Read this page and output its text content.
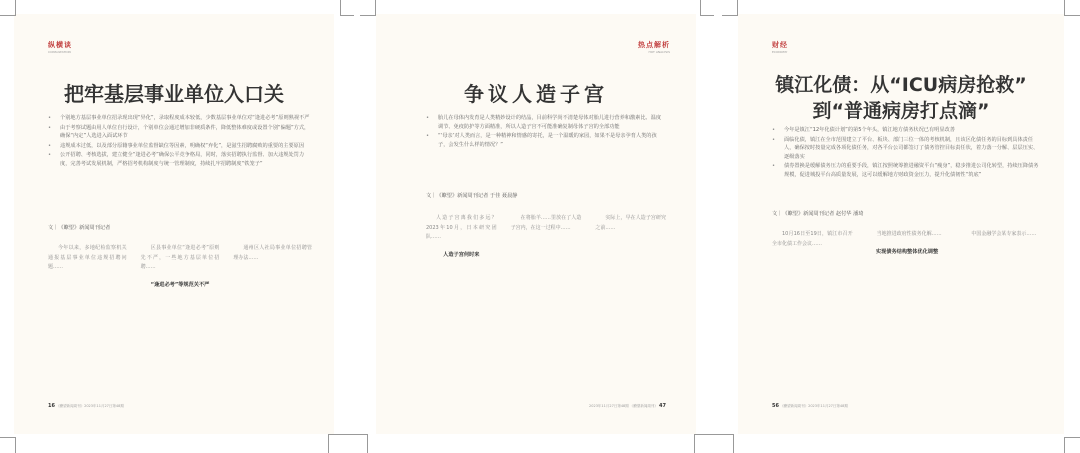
纵横谈
CONSULTATION
把牢基层事业单位入口关
• 个别地方基层事业单位招录现出现“异化”，录取程度成本较低，少数基层事业单位对“逢进必考”原则熟视不严
• 由于考察试题由用人单位自行设计，个别单位会通过增加非硬质条件，降低整体难度或设置个别“偏题”方式，确保“内定”人选进入面试环节
• 违规成本过低，以及部分原籍事业单位监督缺位等因素，明确权“弃化”，是滋生招聘腐败的重要的主要原因
• 公开招聘、考核选拔，建立健全“逢进必考”确保公平竞争格局，同时，落实招聘执行监督、加大违规处罚力度，完善考试发展机制，严格招考机构制度与统一管理制度，持续扎牢招聘制度“铁笼子”
文｜《瞭望》新闻周刊记者

今年以来，多地纪检监察机关通报基层事业单位违规招聘问题……

区县事业单位“逢进必考”原则先不严，一些地方基层单位招聘……

“逢进必考”等规范关不严

通州区人社局事业单位招聘管理办法……

16 《瞭望新闻周刊》2023年11月27日第48期
热点解析
HOT ANALYSIS
争议人造子宫
• 胎儿在母体内发育是人类精妙设计的结晶，目前科学尚不清楚母体对胎儿进行营养和激素比、温度调节、免疫防护等方面精准，所以人造子宫不可能准确复制母体子宫的全部功能
• “‘母亲’对人类而言，是一种精神和情感的寄托，是一个温暖的家园，如果不是母亲孕育人类的孩子，会发生什么样的情况？”
文｜《瞭望》新闻周刊记者 于佳 聂晨静

人造子宫离我们多远？2023年10月，日本研究团队……

人造子宫何时来

在将胎羊……里放在了人造子宫内，在这一过程中……

实际上，早在人造子宫研究之前……

2023年11月27日第48期 《瞭望新闻周刊》 47
财经
ECONOMY
镇江化债：从“ICU病房抢救”
到“普通病房打点滴”
• 今年是镇江“12年化债计划”的第5个年头，镇江地方债务状况已有明显改善
• 面临化债，镇江在全市范围建立了平台、板块、部门三位一体的考核机制，且该区化债任务的目标到具体责任人，确保按时按量完成各项化债任务，对各平台公司都签订了债务管控目标责任状，着力落一分解、层层压实、逐级落实
• 债券置换是缓解债务压力的重要手段，镇江按照统筹推进融资平台“瘦身”，稳步推进公司化转型，持续压降债务规模，促进城投平台高质量发展，这可以缓解地方财政资金压力，提升化债韧性“筑底”
文｜《瞭望》新闻周刊记者 赵付华 潘琦

10月16日至19日，镇江市召开全市化债工作会议……

当地推进政府性债务化解……

实现债务结构整体优化调整

中国金融学会某专家表示……

56 《瞭望新闻周刊》2023年11月27日第48期
